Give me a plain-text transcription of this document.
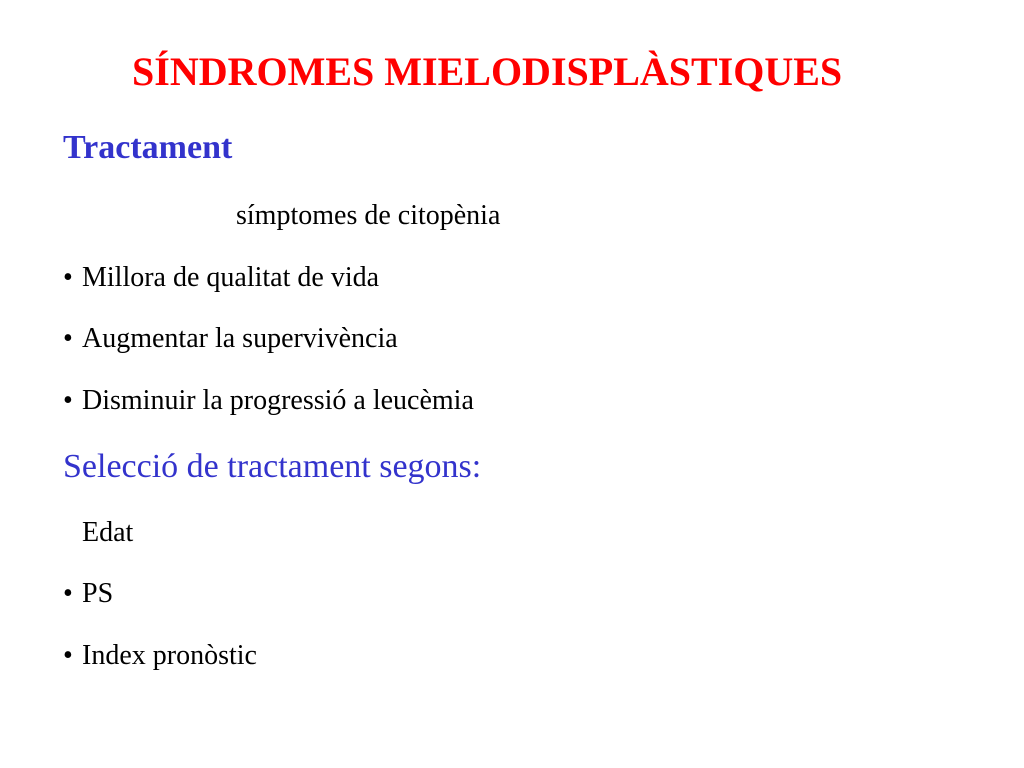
SÍNDROMES MIELODISPLÀSTIQUES
Tractament
símptomes de citopènia
• Millora de qualitat de vida
• Augmentar la supervivència
• Disminuir la progressió a leucèmia
Selecció de tractament segons:
Edat
• PS
• Index pronòstic
